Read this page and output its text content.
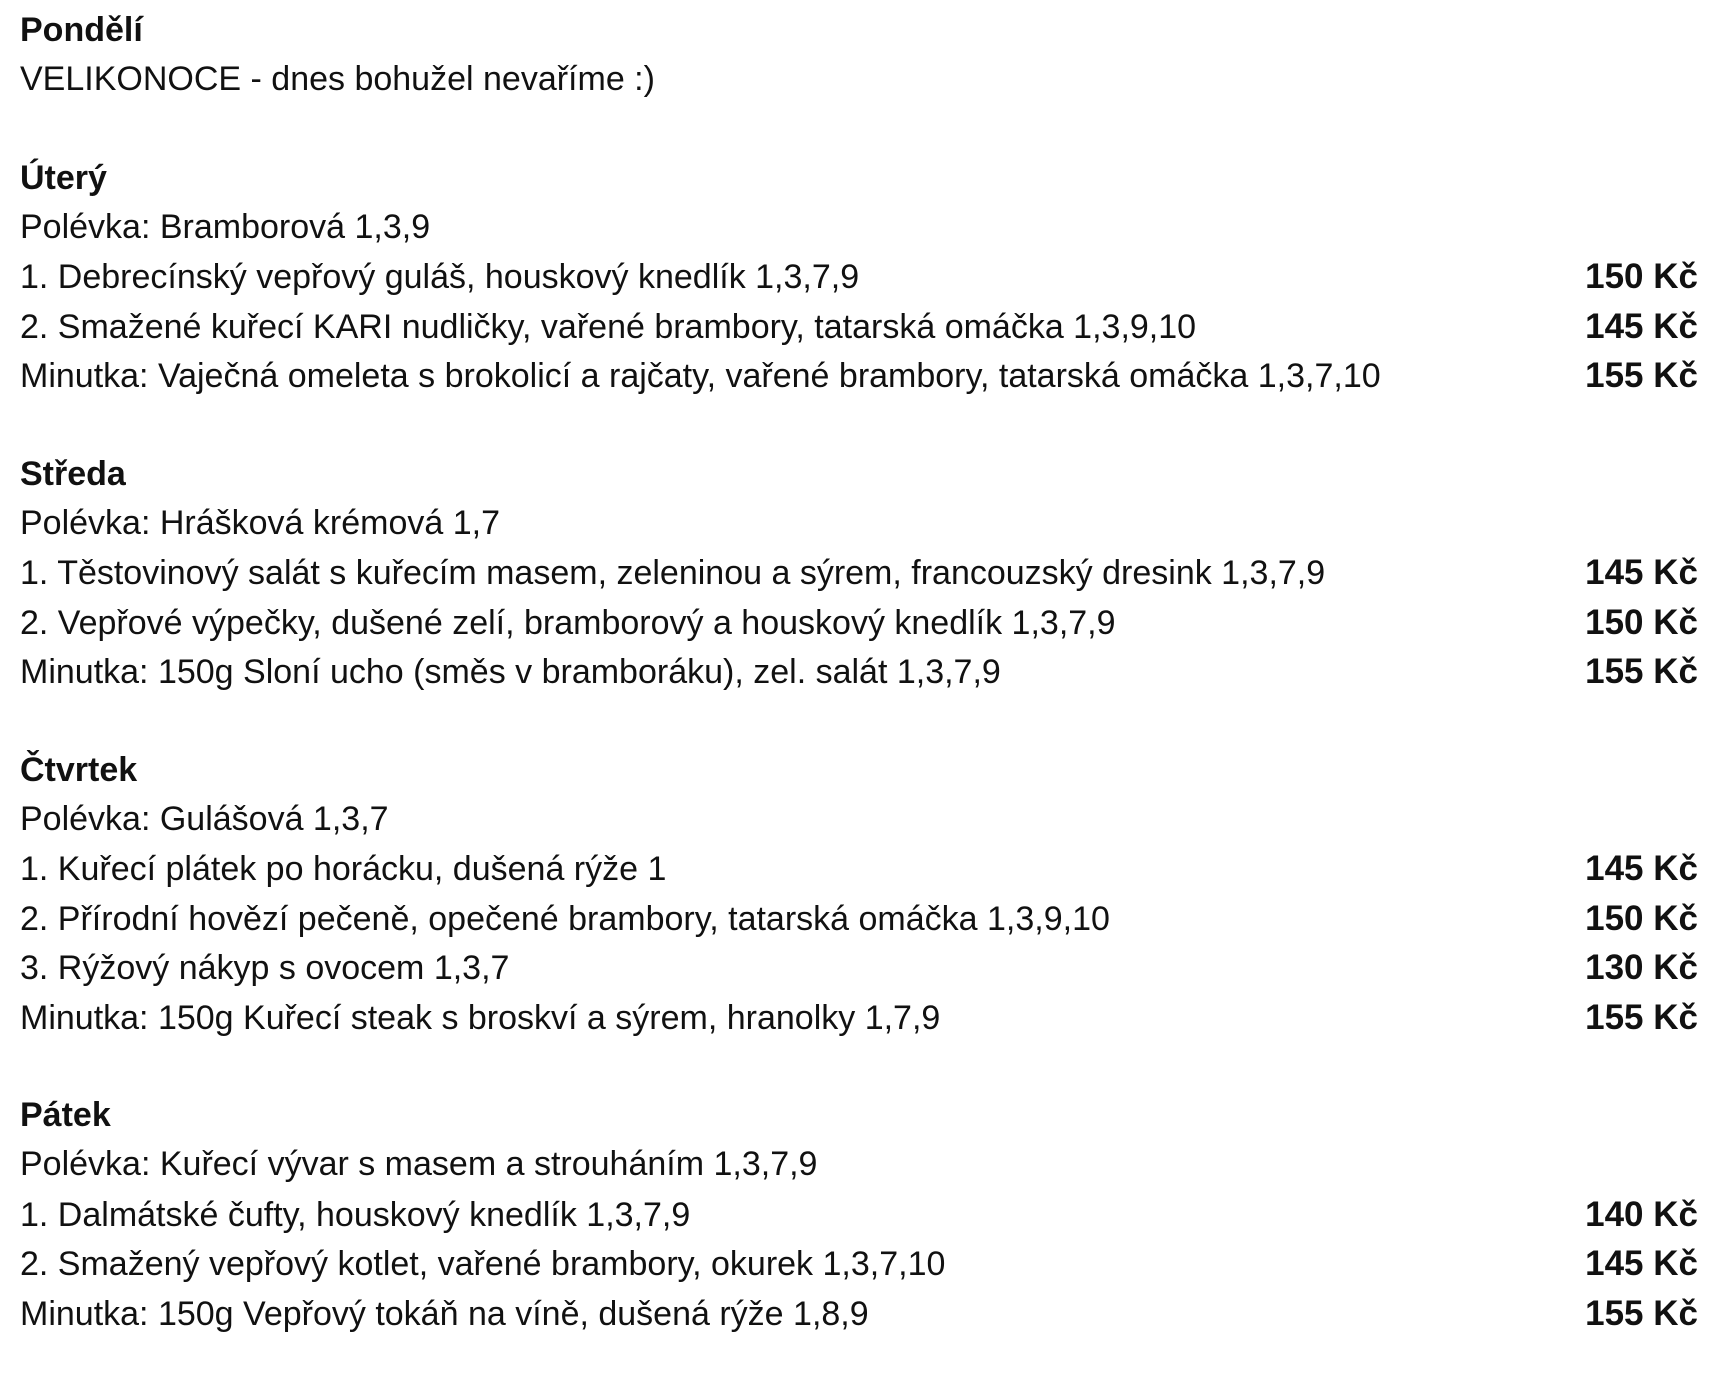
Pondělí
VELIKONOCE - dnes bohužel nevaříme :)
Úterý
Polévka: Bramborová 1,3,9
1. Debrecínský vepřový guláš, houskový knedlík 1,3,7,9	150 Kč
2. Smažené kuřecí KARI nudličky, vařené brambory, tatarská omáčka 1,3,9,10	145 Kč
Minutka: Vaječná omeleta s brokolicí a rajčaty, vařené brambory, tatarská omáčka 1,3,7,10	155 Kč
Středa
Polévka: Hrášková krémová 1,7
1. Těstovinový salát s kuřecím masem, zeleninou a sýrem, francouzský dresink 1,3,7,9	145 Kč
2. Vepřové výpečky, dušené zelí, bramborový a houskový knedlík 1,3,7,9	150 Kč
Minutka: 150g Sloní ucho (směs v bramboráku), zel. salát 1,3,7,9	155 Kč
Čtvrtek
Polévka: Gulášová 1,3,7
1. Kuřecí plátek po horácku, dušená rýže 1	145 Kč
2. Přírodní hovězí pečeně, opečené brambory, tatarská omáčka 1,3,9,10	150 Kč
3. Rýžový nákyp s ovocem 1,3,7	130 Kč
Minutka: 150g Kuřecí steak s broskví a sýrem, hranolky 1,7,9	155 Kč
Pátek
Polévka: Kuřecí vývar s masem a strouháním 1,3,7,9
1. Dalmátské čufty, houskový knedlík 1,3,7,9	140 Kč
2. Smažený vepřový kotlet, vařené brambory, okurek 1,3,7,10	145 Kč
Minutka: 150g Vepřový tokáň na víně, dušená rýže 1,8,9	155 Kč
